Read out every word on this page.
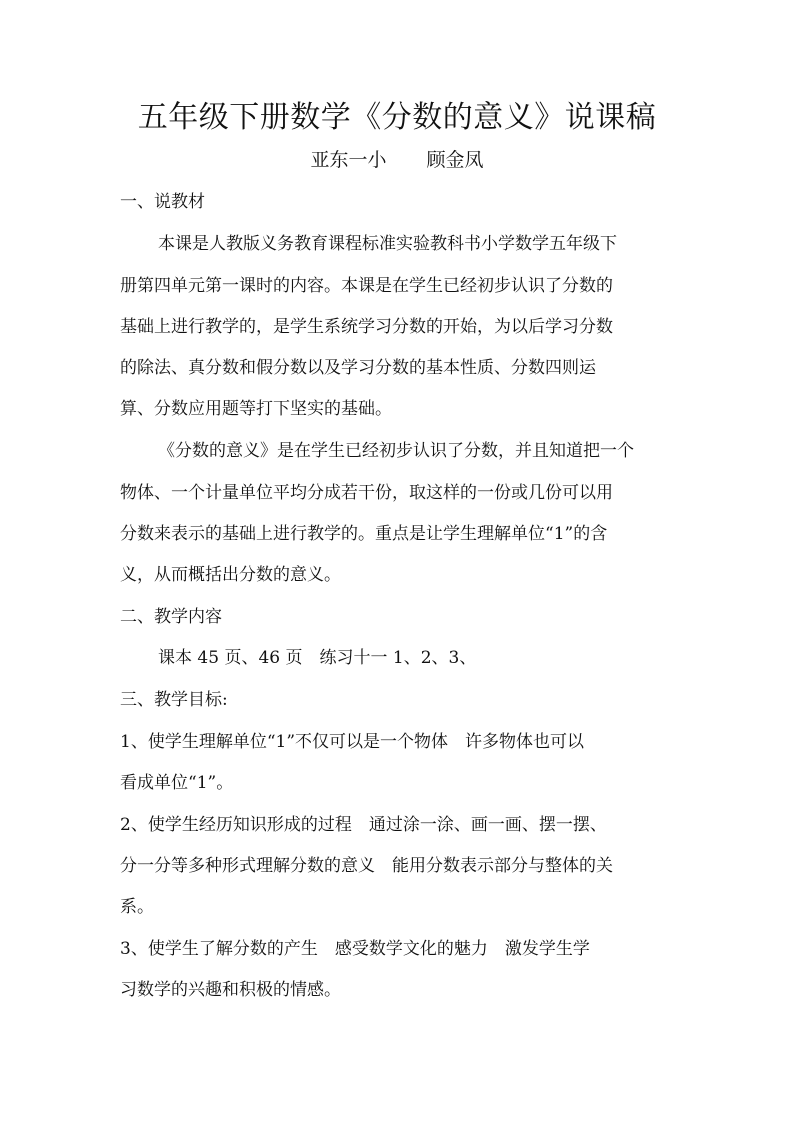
五年级下册数学《分数的意义》说课稿
亚东一小 顾金凤
一、说教材
本课是人教版义务教育课程标准实验教科书小学数学五年级下
册第四单元第一课时的内容。本课是在学生已经初步认识了分数的
基础上进行教学的，是学生系统学习分数的开始，为以后学习分数
的除法、真分数和假分数以及学习分数的基本性质、分数四则运
算、分数应用题等打下坚实的基础。
《分数的意义》是在学生已经初步认识了分数，并且知道把一个
物体、一个计量单位平均分成若干份，取这样的一份或几份可以用
分数来表示的基础上进行教学的。重点是让学生理解单位“1”的含
义，从而概括出分数的意义。
二、教学内容
课本 45 页、46 页　练习十一 1、2、3、
三、教学目标:
1、使学生理解单位“1”不仅可以是一个物体　许多物体也可以
看成单位“1”。
2、使学生经历知识形成的过程　通过涂一涂、画一画、摆一摆、
分一分等多种形式理解分数的意义　能用分数表示部分与整体的关
系。
3、使学生了解分数的产生　感受数学文化的魅力　激发学生学
习数学的兴趣和积极的情感。
